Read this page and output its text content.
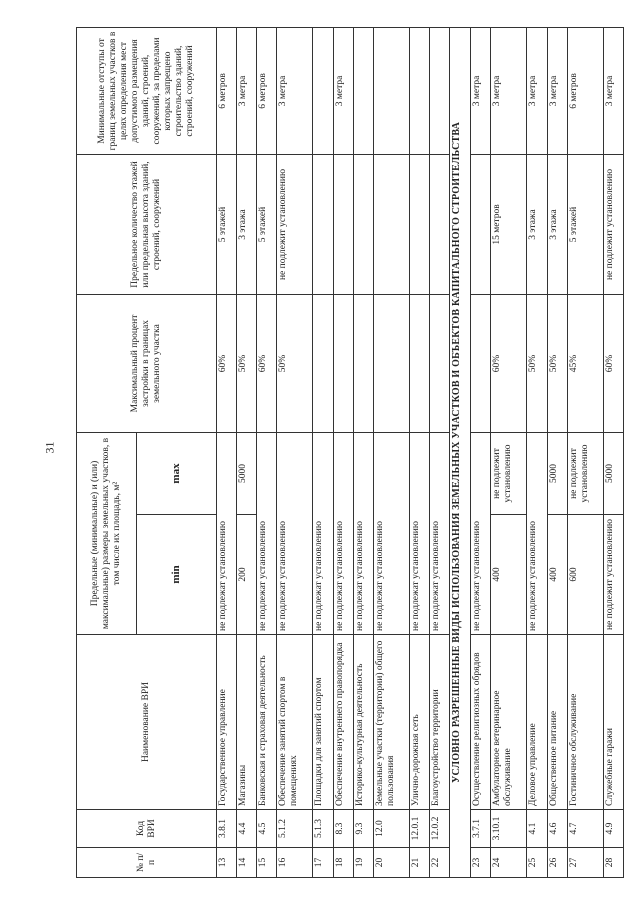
31
№ п/п	Код ВРИ	Наименование ВРИ	Предельные (минимальные) и (или) максимальные) размеры земельных участков, в том числе их площадь, м²		Максимальный процент застройки в границах земельного участка	Предельное количество этажей или предельная высота зданий, строений, сооружений	Минимальные отступы от границ земельных участков в целях определения мест допустимого размещения зданий, строений, сооружений, за пределами которых запрещено строительство зданий, строений, сооружений
			min	max			
13	3.8.1	Государственное управление	не подлежат установлению		60%	5 этажей	6 метров
14	4.4	Магазины	200	5000	50%	3 этажа	3 метра
15	4.5	Банковская и страховая деятельность	не подлежат установлению		60%	5 этажей	6 метров
16	5.1.2	Обеспечение занятий спортом в помещениях	не подлежат установлению		50%	не подлежит установлению	3 метра
17	5.1.3	Площадки для занятий спортом	не подлежат установлению				
18	8.3	Обеспечение внутреннего правопорядка	не подлежат установлению				3 метра
19	9.3	Историко-культурная деятельность	не подлежат установлению				
20	12.0	Земельные участки (территории) общего пользования	не подлежат установлению				
21	12.0.1	Улично-дорожная сеть	не подлежат установлению				
22	12.0.2	Благоустройство территории	не подлежат установлению				
УСЛОВНО РАЗРЕШЕННЫЕ ВИДЫ ИСПОЛЬЗОВАНИЯ ЗЕМЕЛЬНЫХ УЧАСТКОВ И ОБЪЕКТОВ КАПИТАЛЬНОГО СТРОИТЕЛЬСТВА							
23	3.7.1	Осуществление религиозных обрядов	не подлежат установлению				3 метра
24	3.10.1	Амбулаторное ветеринарное обслуживание	400	не подлежит установлению	60%	15 метров	3 метра
25	4.1	Деловое управление	не подлежат установлению		50%	3 этажа	3 метра
26	4.6	Общественное питание	400	5000	50%	3 этажа	3 метра
27	4.7	Гостиничное обслуживание	600	не подлежит установлению	45%	5 этажей	6 метров
28	4.9	Служебные гаражи	не подлежит установлению	5000	60%	не подлежит установлению	3 метра
